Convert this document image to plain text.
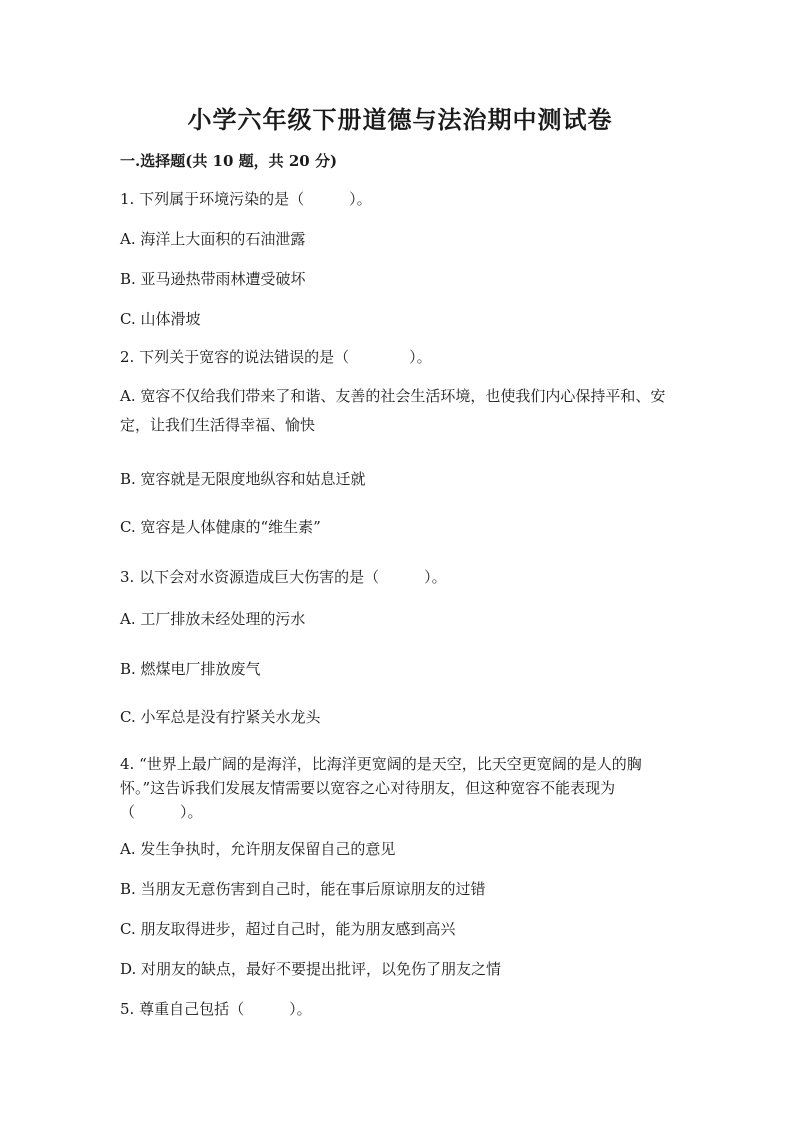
小学六年级下册道德与法治期中测试卷
一.选择题(共 10 题，共 20 分)
1. 下列属于环境污染的是（　　　）。
A. 海洋上大面积的石油泄露
B. 亚马逊热带雨林遭受破坏
C. 山体滑坡
2. 下列关于宽容的说法错误的是（　　　　）。
A. 宽容不仅给我们带来了和谐、友善的社会生活环境，也使我们内心保持平和、安定，让我们生活得幸福、愉快
B. 宽容就是无限度地纵容和姑息迁就
C. 宽容是人体健康的“维生素”
3. 以下会对水资源造成巨大伤害的是（　　　）。
A. 工厂排放未经处理的污水
B. 燃煤电厂排放废气
C. 小军总是没有拧紧关水龙头
4. “世界上最广阔的是海洋，比海洋更宽阔的是天空，比天空更宽阔的是人的胸怀。”这告诉我们发展友情需要以宽容之心对待朋友，但这种宽容不能表现为（　　　）。
A. 发生争执时，允许朋友保留自己的意见
B. 当朋友无意伤害到自己时，能在事后原谅朋友的过错
C. 朋友取得进步，超过自己时，能为朋友感到高兴
D. 对朋友的缺点，最好不要提出批评，以免伤了朋友之情
5. 尊重自己包括（　　　）。
